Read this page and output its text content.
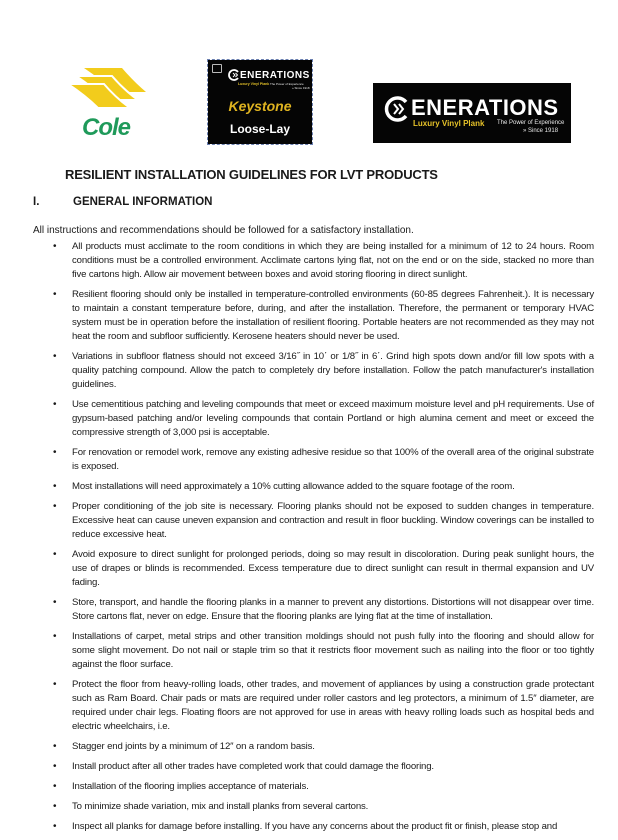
Cole
ENERATIONS
Luxury Vinyl Plank The Power of Experience
» Since 1918
Keystone
Loose-Lay
ENERATIONS
Luxury Vinyl Plank The Power of Experience
» Since 1918
RESILIENT INSTALLATION GUIDELINES FOR LVT PRODUCTS
I.	GENERAL INFORMATION
All instructions and recommendations should be followed for a satisfactory installation.
• All products must acclimate to the room conditions in which they are being installed for a minimum of 12 to 24 hours. Room conditions must be a controlled environment. Acclimate cartons lying flat, not on the end or on the side, stacked no more than five cartons high. Allow air movement between boxes and avoid storing flooring in direct sunlight.
• Resilient flooring should only be installed in temperature-controlled environments (60-85 degrees Fahrenheit.). It is necessary to maintain a constant temperature before, during, and after the installation. Therefore, the permanent or temporary HVAC system must be in operation before the installation of resilient flooring. Portable heaters are not recommended as they may not heat the room and subfloor sufficiently. Kerosene heaters should never be used.
• Variations in subfloor flatness should not exceed 3/16˝ in 10΄ or 1/8˝ in 6΄. Grind high spots down and/or fill low spots with a quality patching compound. Allow the patch to completely dry before installation. Follow the patch manufacturer's installation guidelines.
• Use cementitious patching and leveling compounds that meet or exceed maximum moisture level and pH requirements. Use of gypsum-based patching and/or leveling compounds that contain Portland or high alumina cement and meet or exceed the compressive strength of 3,000 psi is acceptable.
• For renovation or remodel work, remove any existing adhesive residue so that 100% of the overall area of the original substrate is exposed.
• Most installations will need approximately a 10% cutting allowance added to the square footage of the room.
• Proper conditioning of the job site is necessary. Flooring planks should not be exposed to sudden changes in temperature. Excessive heat can cause uneven expansion and contraction and result in floor buckling. Window coverings can be installed to reduce excessive heat.
• Avoid exposure to direct sunlight for prolonged periods, doing so may result in discoloration. During peak sunlight hours, the use of drapes or blinds is recommended. Excess temperature due to direct sunlight can result in thermal expansion and UV fading.
• Store, transport, and handle the flooring planks in a manner to prevent any distortions. Distortions will not disappear over time. Store cartons flat, never on edge. Ensure that the flooring planks are lying flat at the time of installation.
• Installations of carpet, metal strips and other transition moldings should not push fully into the flooring and should allow for some slight movement. Do not nail or staple trim so that it restricts floor movement such as nailing into the floor or too tightly against the floor surface.
• Protect the floor from heavy-rolling loads, other trades, and movement of appliances by using a construction grade protectant such as Ram Board. Chair pads or mats are required under roller castors and leg protectors, a minimum of 1.5″ diameter, are required under chair legs. Floating floors are not approved for use in areas with heavy rolling loads such as hospital beds and electric wheelchairs, i.e.
• Stagger end joints by a minimum of 12″ on a random basis.
• Install product after all other trades have completed work that could damage the flooring.
• Installation of the flooring implies acceptance of materials.
• To minimize shade variation, mix and install planks from several cartons.
• Inspect all planks for damage before installing. If you have any concerns about the product fit or finish, please stop and
